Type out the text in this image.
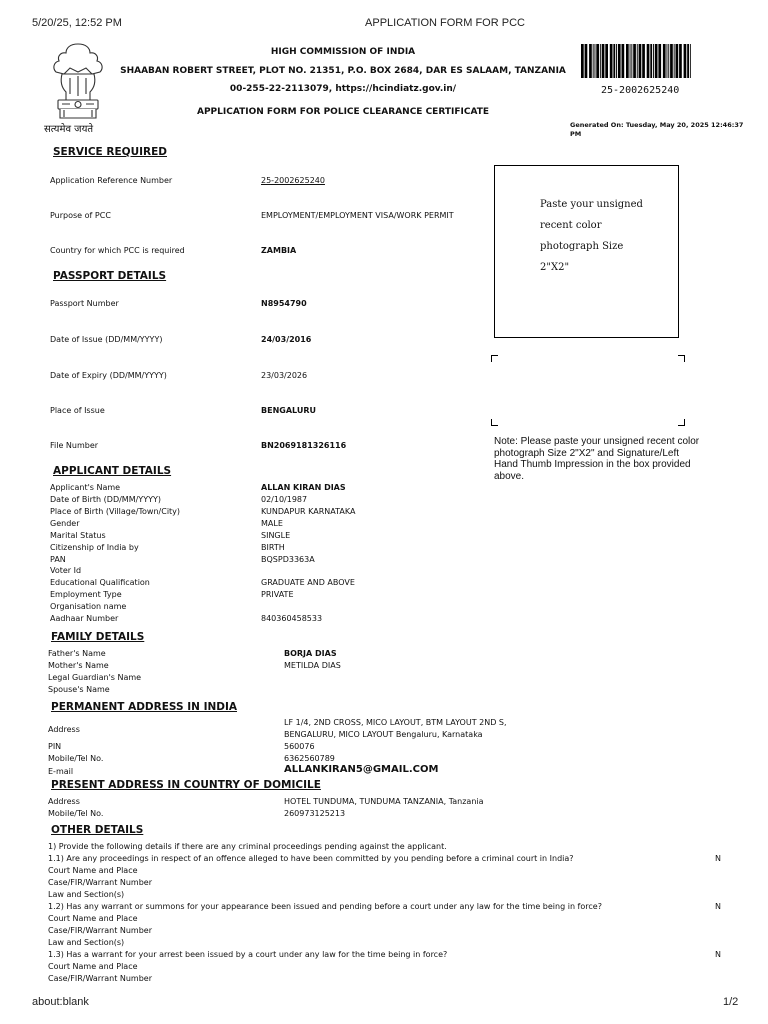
5/20/25, 12:52 PM	APPLICATION FORM FOR PCC
सत्यमेव जयते
HIGH COMMISSION OF INDIA
SHAABAN ROBERT STREET, PLOT NO. 21351, P.O. BOX 2684, DAR ES SALAAM, TANZANIA
00-255-22-2113079, https://hcindiatz.gov.in/
APPLICATION FORM FOR POLICE CLEARANCE CERTIFICATE
25-2002625240
Generated On: Tuesday, May 20, 2025 12:46:37
PM
Paste your unsigned
recent color
photograph Size
2"X2"
Note: Please paste your unsigned recent color
photograph Size 2"X2" and Signature/Left
Hand Thumb Impression in the box provided
above.
SERVICE REQUIRED
Application Reference Number	25-2002625240
Purpose of PCC	EMPLOYMENT/EMPLOYMENT VISA/WORK PERMIT
Country for which PCC is required	ZAMBIA
PASSPORT DETAILS
Passport Number	N8954790
Date of Issue (DD/MM/YYYY)	24/03/2016
Date of Expiry (DD/MM/YYYY)	23/03/2026
Place of Issue	BENGALURU
File Number	BN2069181326116
APPLICANT DETAILS
Applicant's Name	ALLAN KIRAN DIAS
Date of Birth (DD/MM/YYYY)	02/10/1987
Place of Birth (Village/Town/City)	KUNDAPUR KARNATAKA
Gender	MALE
Marital Status	SINGLE
Citizenship of India by	BIRTH
PAN	BQSPD3363A
Voter Id
Educational Qualification	GRADUATE AND ABOVE
Employment Type	PRIVATE
Organisation name
Aadhaar Number	840360458533
FAMILY DETAILS
Father's Name	BORJA DIAS
Mother's Name	METILDA DIAS
Legal Guardian's Name
Spouse's Name
PERMANENT ADDRESS IN INDIA
Address
LF 1/4, 2ND CROSS, MICO LAYOUT, BTM LAYOUT 2ND S,
BENGALURU, MICO LAYOUT Bengaluru, Karnataka
PIN	560076
Mobile/Tel No.	6362560789
E-mail	ALLANKIRAN5@GMAIL.COM
PRESENT ADDRESS IN COUNTRY OF DOMICILE
Address	HOTEL TUNDUMA, TUNDUMA TANZANIA, Tanzania
Mobile/Tel No.	260973125213
OTHER DETAILS
1) Provide the following details if there are any criminal proceedings pending against the applicant.
1.1) Are any proceedings in respect of an offence alleged to have been committed by you pending before a criminal court in India?	N
Court Name and Place
Case/FIR/Warrant Number
Law and Section(s)
1.2) Has any warrant or summons for your appearance been issued and pending before a court under any law for the time being in force?	N
Court Name and Place
Case/FIR/Warrant Number
Law and Section(s)
1.3) Has a warrant for your arrest been issued by a court under any law for the time being in force?	N
Court Name and Place
Case/FIR/Warrant Number
about:blank	1/2
